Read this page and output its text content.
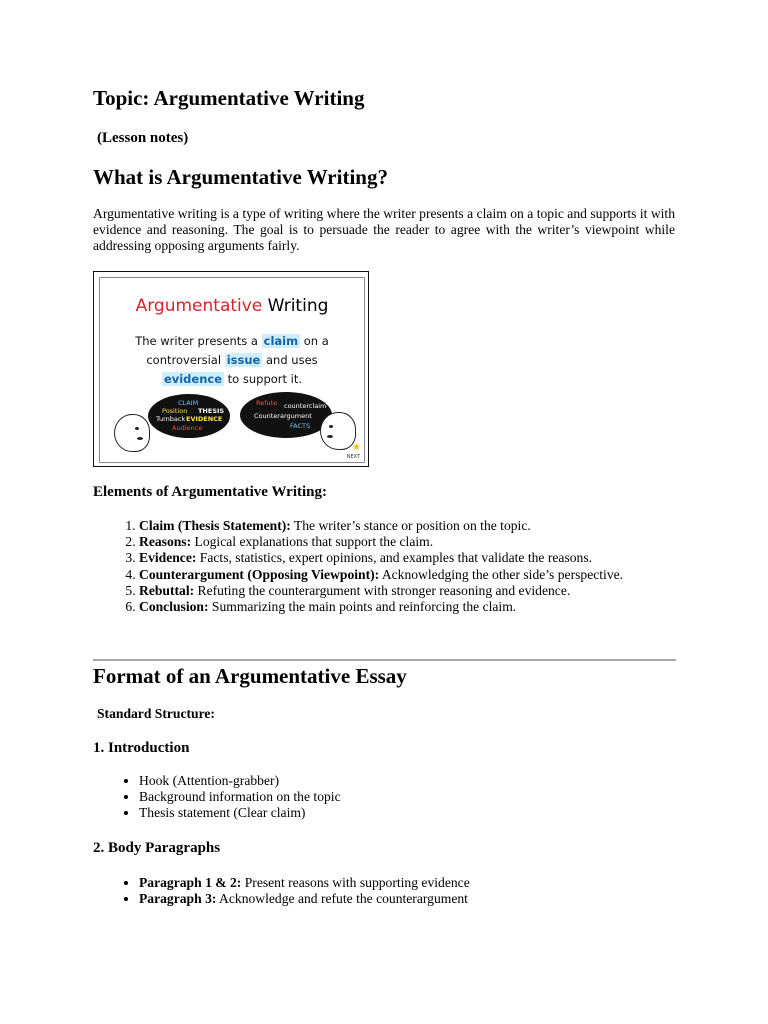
Topic: Argumentative Writing
(Lesson notes)
What is Argumentative Writing?

Argumentative writing is a type of writing where the writer presents a claim on a topic and supports it with evidence and reasoning. The goal is to persuade the reader to agree with the writer’s viewpoint while addressing opposing arguments fairly.

Argumentative Writing
The writer presents a claim on a
controversial issue and uses
evidence to support it.
CLAIM
Position THESIS
Turnback EVIDENCE
Audience
Refute counterclaim
Counterargument
FACTS
★
NEXT
Elements of Argumentative Writing:
1. Claim (Thesis Statement): The writer’s stance or position on the topic.
2. Reasons: Logical explanations that support the claim.
3. Evidence: Facts, statistics, expert opinions, and examples that validate the reasons.
4. Counterargument (Opposing Viewpoint): Acknowledging the other side’s perspective.
5. Rebuttal: Refuting the counterargument with stronger reasoning and evidence.
6. Conclusion: Summarizing the main points and reinforcing the claim.
Format of an Argumentative Essay
Standard Structure:
1. Introduction
• Hook (Attention-grabber)
• Background information on the topic
• Thesis statement (Clear claim)
2. Body Paragraphs
• Paragraph 1 & 2: Present reasons with supporting evidence
• Paragraph 3: Acknowledge and refute the counterargument
